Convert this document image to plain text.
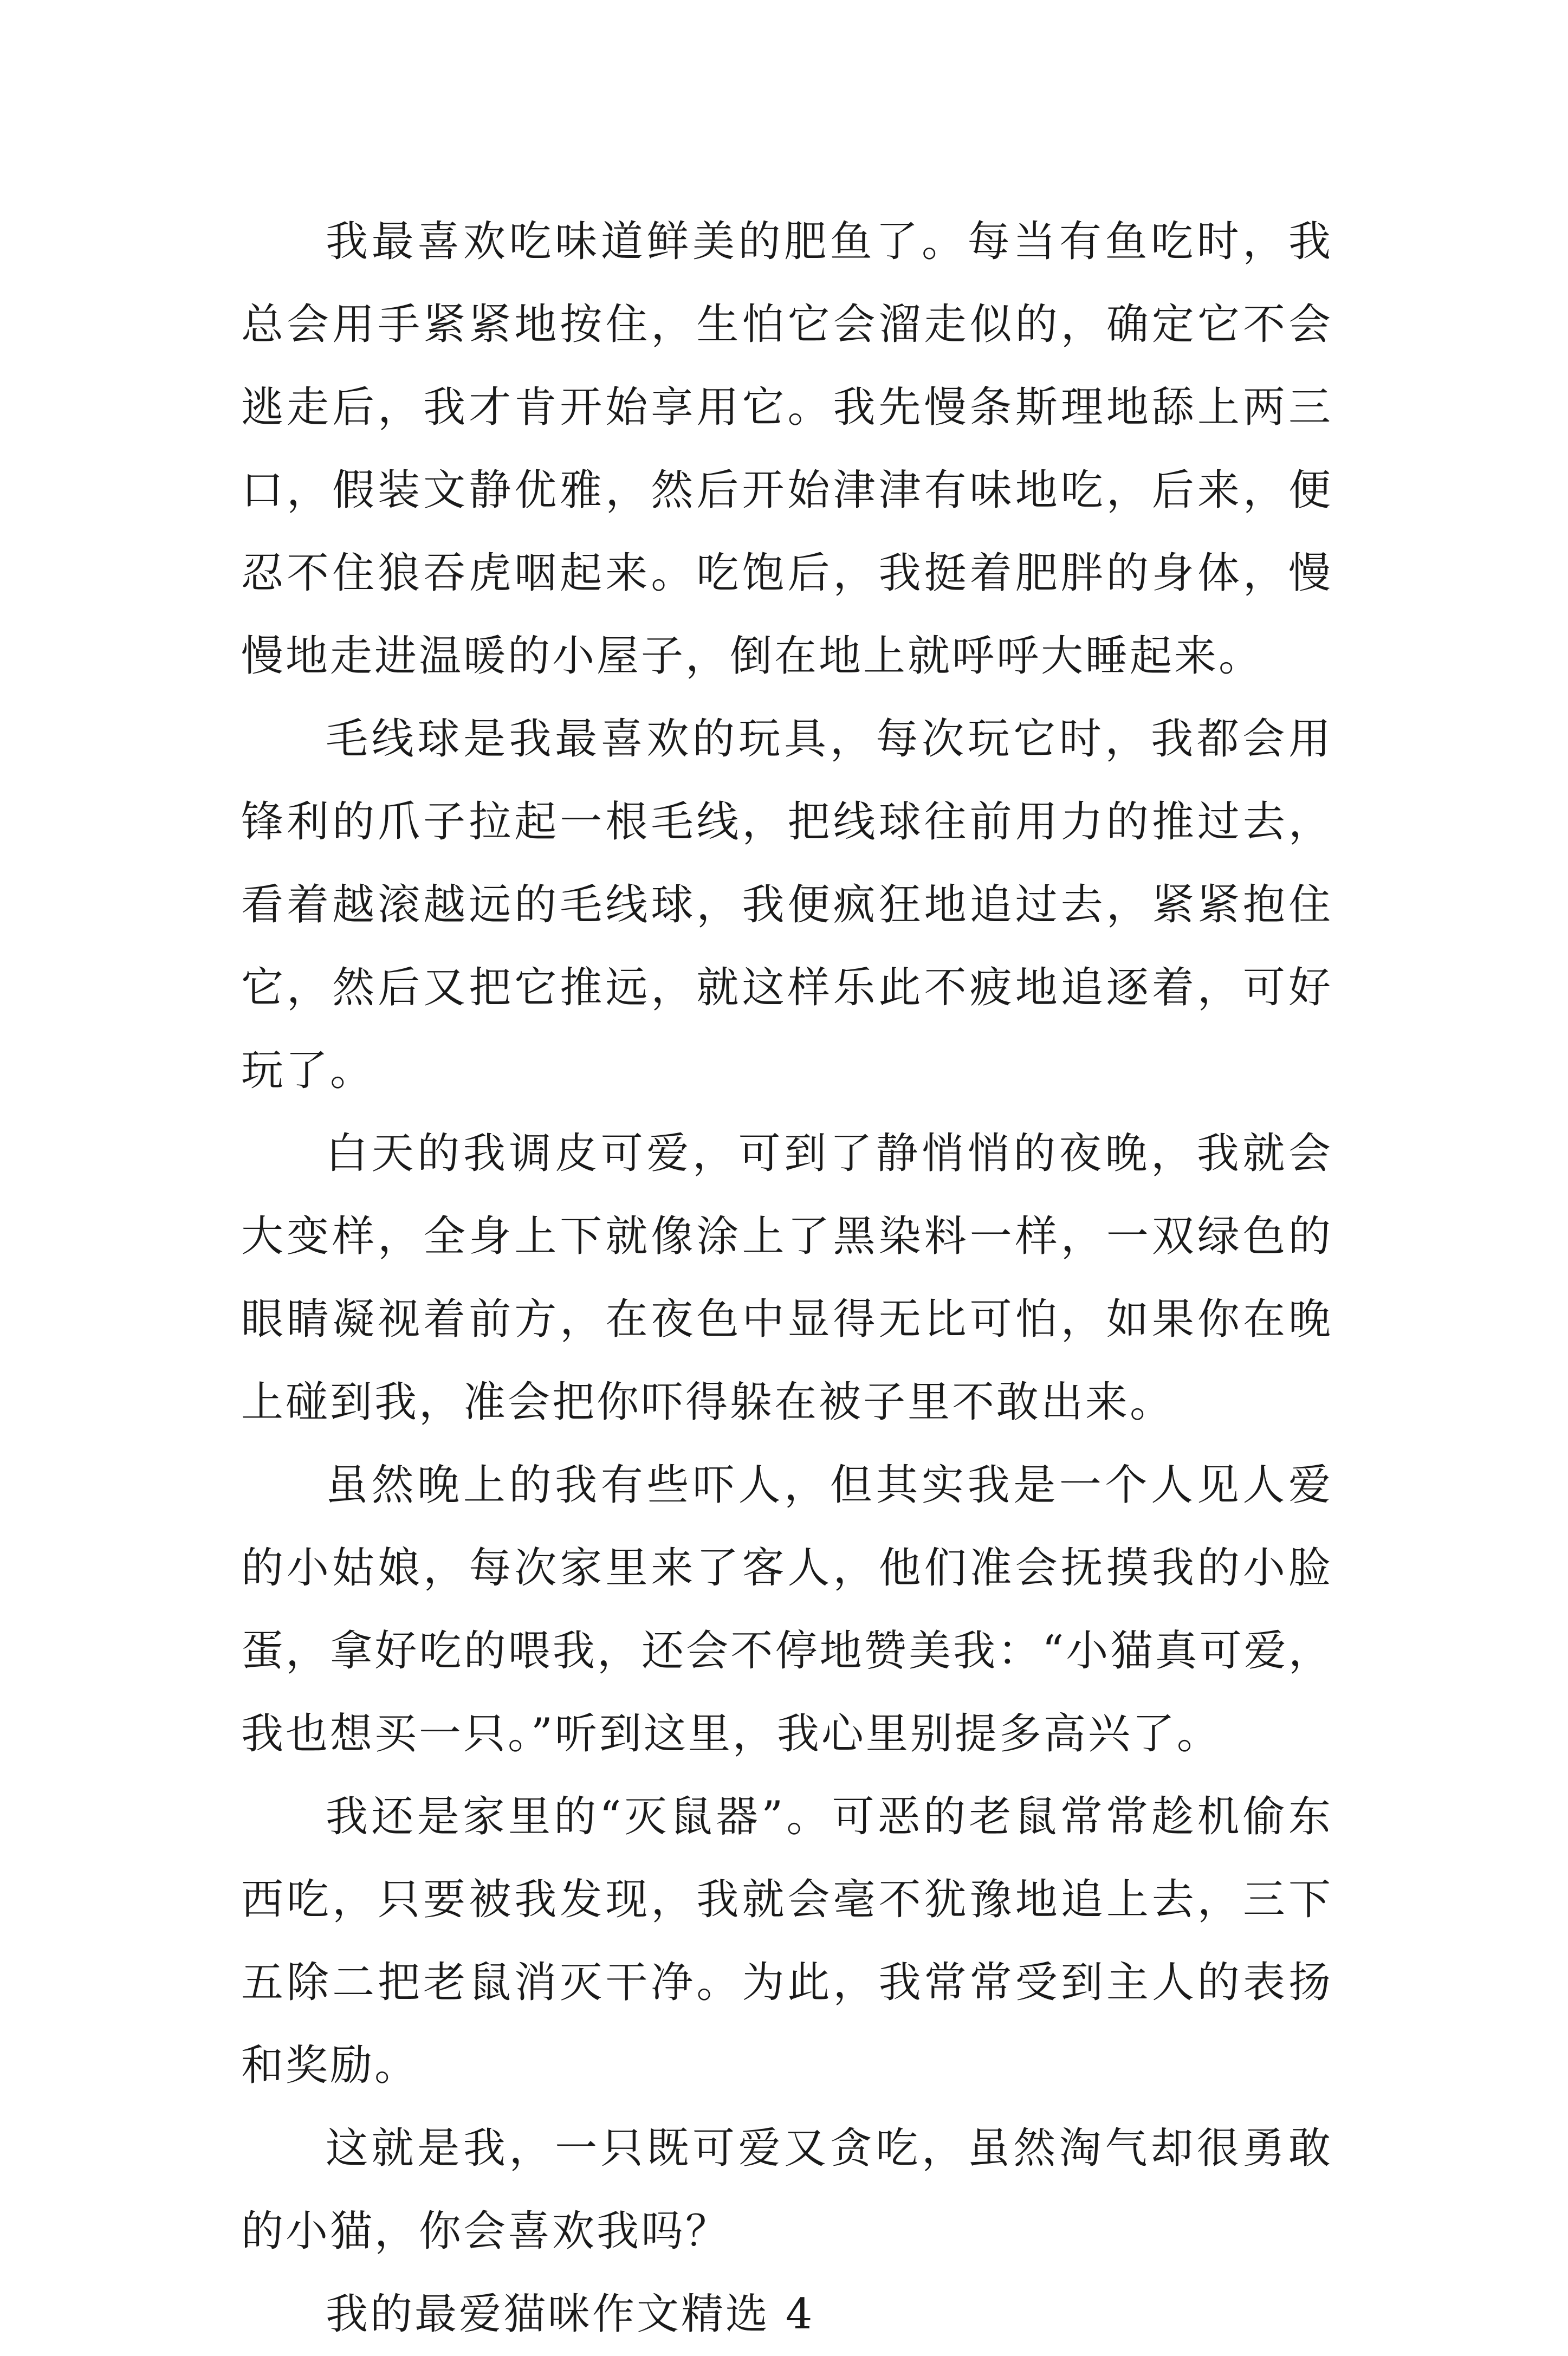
我最喜欢吃味道鲜美的肥鱼了。每当有鱼吃时，我总会用手紧紧地按住，生怕它会溜走似的，确定它不会逃走后，我才肯开始享用它。我先慢条斯理地舔上两三口，假装文静优雅，然后开始津津有味地吃，后来，便忍不住狼吞虎咽起来。吃饱后，我挺着肥胖的身体，慢慢地走进温暖的小屋子，倒在地上就呼呼大睡起来。

毛线球是我最喜欢的玩具，每次玩它时，我都会用锋利的爪子拉起一根毛线，把线球往前用力的推过去，看着越滚越远的毛线球，我便疯狂地追过去，紧紧抱住它，然后又把它推远，就这样乐此不疲地追逐着，可好玩了。

白天的我调皮可爱，可到了静悄悄的夜晚，我就会大变样，全身上下就像涂上了黑染料一样，一双绿色的眼睛凝视着前方，在夜色中显得无比可怕，如果你在晚上碰到我，准会把你吓得躲在被子里不敢出来。

虽然晚上的我有些吓人，但其实我是一个人见人爱的小姑娘，每次家里来了客人，他们准会抚摸我的小脸蛋，拿好吃的喂我，还会不停地赞美我：“小猫真可爱，我也想买一只。”听到这里，我心里别提多高兴了。

我还是家里的“灭鼠器”。可恶的老鼠常常趁机偷东西吃，只要被我发现，我就会毫不犹豫地追上去，三下五除二把老鼠消灭干净。为此，我常常受到主人的表扬和奖励。

这就是我，一只既可爱又贪吃，虽然淘气却很勇敢的小猫，你会喜欢我吗？

我的最爱猫咪作文精选 4
